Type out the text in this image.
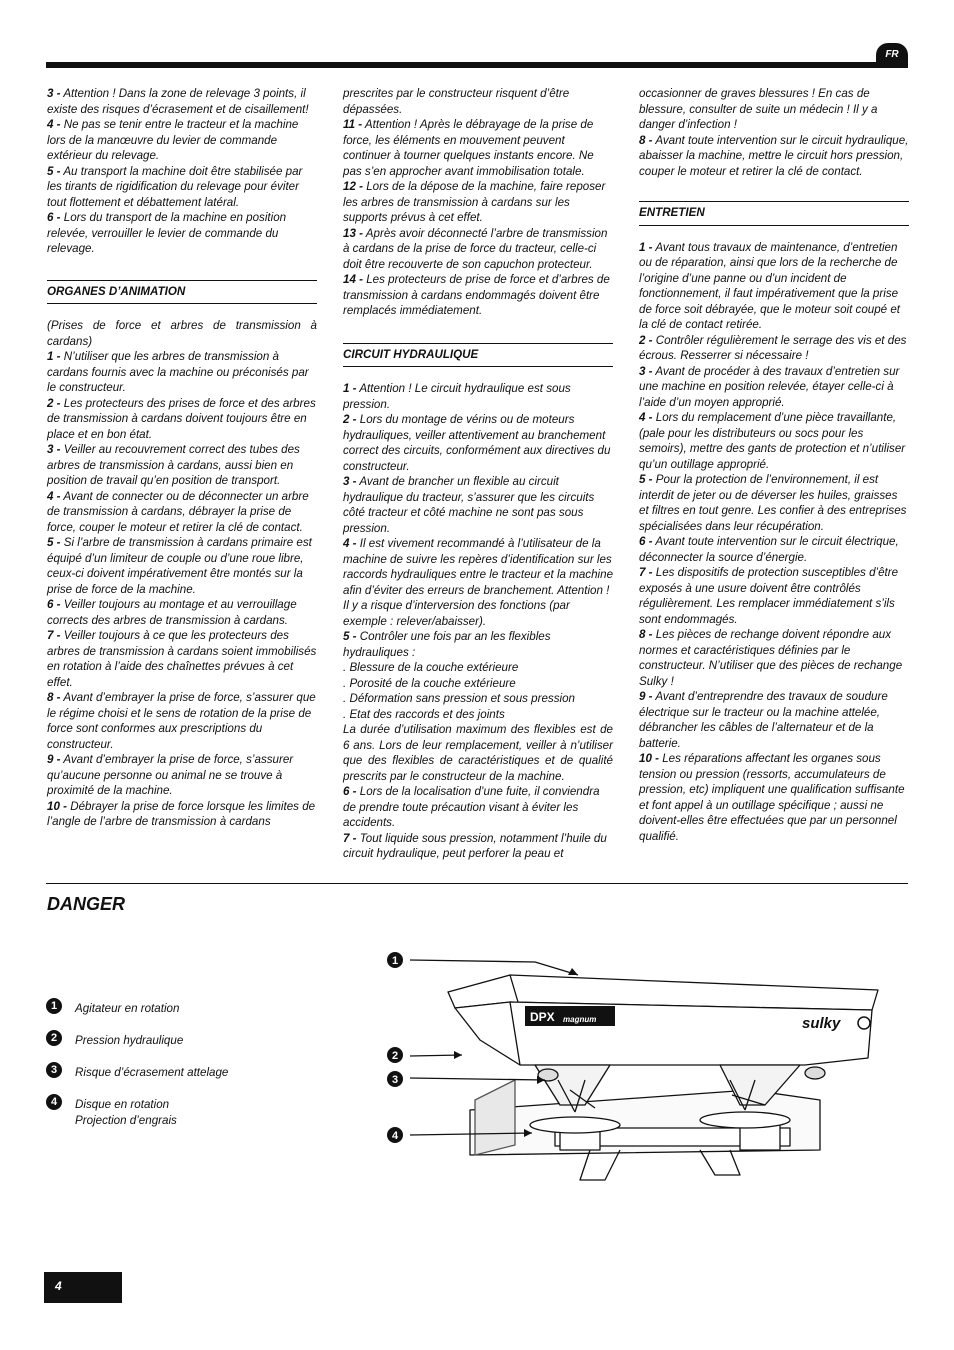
FR

3 - Attention ! Dans la zone de relevage 3 points, il existe des risques d’écrasement et de cisaillement!

4 - Ne pas se tenir entre le tracteur et la machine lors de la manœuvre du levier de commande extérieur du relevage.

5 - Au transport la machine doit être stabilisée par les tirants de rigidification du relevage pour éviter tout flottement et débattement latéral.

6 - Lors du transport de la machine en position relevée, verrouiller le levier de commande du relevage.

ORGANES D’ANIMATION

(Prises de force et arbres de transmission à cardans)

1 - N’utiliser que les arbres de transmission à cardans fournis avec la machine ou préconisés par le constructeur.

2 - Les protecteurs des prises de force et des arbres de transmission à cardans doivent toujours être en place et en bon état.

3 - Veiller au recouvrement correct des tubes des arbres de transmission à cardans, aussi bien en position de travail qu’en position de transport.

4 - Avant de connecter ou de déconnecter un arbre de transmission à cardans, débrayer la prise de force, couper le moteur et retirer la clé de contact.

5 - Si l’arbre de transmission à cardans primaire est équipé d’un limiteur de couple ou d’une roue libre, ceux-ci doivent impérativement être montés sur la prise de force de la machine.

6 - Veiller toujours au montage et au verrouillage corrects des arbres de transmission à cardans.

7 - Veiller toujours à ce que les protecteurs des arbres de transmission à cardans soient immobilisés en rotation à l’aide des chaînettes prévues à cet effet.

8 - Avant d’embrayer la prise de force, s’assurer que le régime choisi et le sens de rotation de la prise de force sont conformes aux prescriptions du constructeur.

9 - Avant d’embrayer la prise de force, s’assurer qu’aucune personne ou animal ne se trouve à proximité de la machine.

10 - Débrayer la prise de force lorsque les limites de l’angle de l’arbre de transmission à cardans

prescrites par le constructeur risquent d’être dépassées.

11 - Attention ! Après le débrayage de la prise de force, les éléments en mouvement peuvent continuer à tourner quelques instants encore. Ne pas s’en approcher avant immobilisation totale.

12 - Lors de la dépose de la machine, faire reposer les arbres de transmission à cardans sur les supports prévus à cet effet.

13 - Après avoir déconnecté l’arbre de transmission à cardans de la prise de force du tracteur, celle-ci doit être recouverte de son capuchon protecteur.

14 - Les protecteurs de prise de force et d’arbres de transmission à cardans endommagés doivent être remplacés immédiatement.

CIRCUIT HYDRAULIQUE

1 - Attention ! Le circuit hydraulique est sous pression.

2 - Lors du montage de vérins ou de moteurs hydrauliques, veiller attentivement au branchement correct des circuits, conformément aux directives du constructeur.

3 - Avant de brancher un flexible au circuit hydraulique du tracteur, s’assurer que les circuits côté tracteur et côté machine ne sont pas sous pression.

4 - Il est vivement recommandé à l’utilisateur de la machine de suivre les repères d’identification sur les raccords hydrauliques entre le tracteur et la machine afin d’éviter des erreurs de branchement. Attention ! Il y a risque d’interversion des fonctions (par exemple : relever/abaisser).

5 - Contrôler une fois par an les flexibles hydrauliques :

. Blessure de la couche extérieure

. Porosité de la couche extérieure

. Déformation sans pression et sous pression

. Etat des raccords et des joints

La durée d’utilisation maximum des flexibles est de 6 ans. Lors de leur remplacement, veiller à n’utiliser que des flexibles de caractéristiques et de qualité prescrits par le constructeur de la machine.

6 - Lors de la localisation d’une fuite, il conviendra de prendre toute précaution visant à éviter les accidents.

7 - Tout liquide sous pression, notamment l’huile du circuit hydraulique, peut perforer la peau et

occasionner de graves blessures ! En cas de blessure, consulter de suite un médecin ! Il y a danger d’infection !

8 - Avant toute intervention sur le circuit hydraulique, abaisser la machine, mettre le circuit hors pression, couper le moteur et retirer la clé de contact.

ENTRETIEN

1 - Avant tous travaux de maintenance, d’entretien ou de réparation, ainsi que lors de la recherche de l’origine d’une panne ou d’un incident de fonctionnement, il faut impérativement que la prise de force soit débrayée, que le moteur soit coupé et la clé de contact retirée.

2 - Contrôler régulièrement le serrage des vis et des écrous. Resserrer si nécessaire !

3 - Avant de procéder à des travaux d’entretien sur une machine en position relevée, étayer celle-ci à l’aide d’un moyen approprié.

4 - Lors du remplacement d’une pièce travaillante, (pale pour les distributeurs ou socs pour les semoirs), mettre des gants de protection et n’utiliser qu’un outillage approprié.

5 - Pour la protection de l’environnement, il est interdit de jeter ou de déverser les huiles, graisses et filtres en tout genre. Les confier à des entreprises spécialisées dans leur récupération.

6 - Avant toute intervention sur le circuit électrique, déconnecter la source d’énergie.

7 - Les dispositifs de protection susceptibles d’être exposés à une usure doivent être contrôlés régulièrement. Les remplacer immédiatement s’ils sont endommagés.

8 - Les pièces de rechange doivent répondre aux normes et caractéristiques définies par le constructeur. N’utiliser que des pièces de rechange Sulky !

9 - Avant d’entreprendre des travaux de soudure électrique sur le tracteur ou la machine attelée, débrancher les câbles de l’alternateur et de la batterie.

10 - Les réparations affectant les organes sous tension ou pression (ressorts, accumulateurs de pression, etc) impliquent une qualification suffisante et font appel à un outillage spécifique ; aussi ne doivent-elles être effectuées que par un personnel qualifié.

DANGER
1	Agitateur en rotation
2	Pression hydraulique
3	Risque d’écrasement attelage
4	Disque en rotation
Projection d’engrais
1
2
3
4
DPX magnum	sulky
4
